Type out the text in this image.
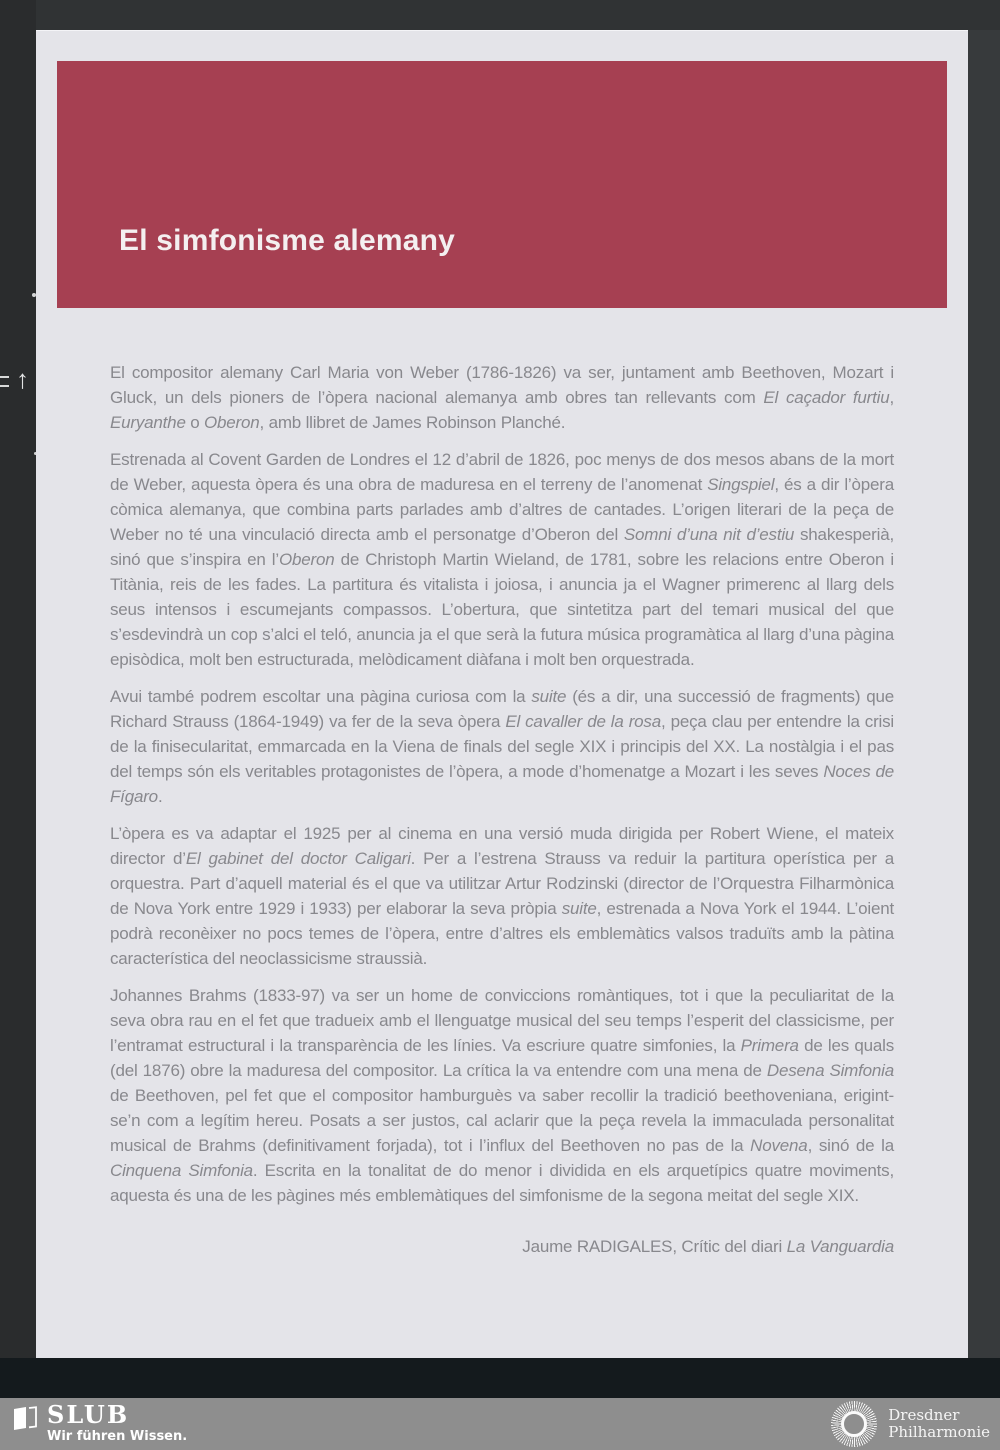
↑
El simfonisme alemany

El compositor alemany Carl Maria von Weber (1786-1826) va ser, juntament amb Beethoven, Mozart i Gluck, un dels pioners de l’òpera nacional alemanya amb obres tan rellevants com El caçador furtiu, Euryanthe o Oberon, amb llibret de James Robinson Planché.

Estrenada al Covent Garden de Londres el 12 d’abril de 1826, poc menys de dos mesos abans de la mort de Weber, aquesta òpera és una obra de maduresa en el terreny de l’anomenat Singspiel, és a dir l’òpera còmica alemanya, que combina parts parlades amb d’altres de cantades. L’origen literari de la peça de Weber no té una vinculació directa amb el personatge d’Oberon del Somni d’una nit d’estiu shakesperià, sinó que s’inspira en l’Oberon de Christoph Martin Wieland, de 1781, sobre les relacions entre Oberon i Titània, reis de les fades. La partitura és vitalista i joiosa, i anuncia ja el Wagner primerenc al llarg dels seus intensos i escumejants compassos. L’obertura, que sintetitza part del temari musical del que s’esdevindrà un cop s’alci el teló, anuncia ja el que serà la futura música programàtica al llarg d’una pàgina episòdica, molt ben estructurada, melòdicament diàfana i molt ben orquestrada.

Avui també podrem escoltar una pàgina curiosa com la suite (és a dir, una successió de fragments) que Richard Strauss (1864-1949) va fer de la seva òpera El cavaller de la rosa, peça clau per entendre la crisi de la finisecularitat, emmarcada en la Viena de finals del segle XIX i principis del XX. La nostàlgia i el pas del temps són els veritables protagonistes de l’òpera, a mode d’homenatge a Mozart i les seves Noces de Fígaro.

L’òpera es va adaptar el 1925 per al cinema en una versió muda dirigida per Robert Wiene, el mateix director d’El gabinet del doctor Caligari. Per a l’estrena Strauss va reduir la partitura operística per a orquestra. Part d’aquell material és el que va utilitzar Artur Rodzinski (director de l’Orquestra Filharmònica de Nova York entre 1929 i 1933) per elaborar la seva pròpia suite, estrenada a Nova York el 1944. L’oient podrà reconèixer no pocs temes de l’òpera, entre d’altres els emblemàtics valsos traduïts amb la pàtina característica del neoclassicisme straussià.

Johannes Brahms (1833-97) va ser un home de conviccions romàntiques, tot i que la peculiaritat de la seva obra rau en el fet que tradueix amb el llenguatge musical del seu temps l’esperit del classicisme, per l’entramat estructural i la transparència de les línies. Va escriure quatre simfonies, la Primera de les quals (del 1876) obre la maduresa del compositor. La crítica la va entendre com una mena de Desena Simfonia de Beethoven, pel fet que el compositor hamburguès va saber recollir la tradició beethoveniana, erigint-se’n com a legítim hereu. Posats a ser justos, cal aclarir que la peça revela la immaculada personalitat musical de Brahms (definitivament forjada), tot i l’influx del Beethoven no pas de la Novena, sinó de la Cinquena Simfonia. Escrita en la tonalitat de do menor i dividida en els arquetípics quatre moviments, aquesta és una de les pàgines més emblemàtiques del simfonisme de la segona meitat del segle XIX.

Jaume RADIGALES, Crític del diari La Vanguardia

SLUB
Wir führen Wissen.
Dresdner
Philharmonie
